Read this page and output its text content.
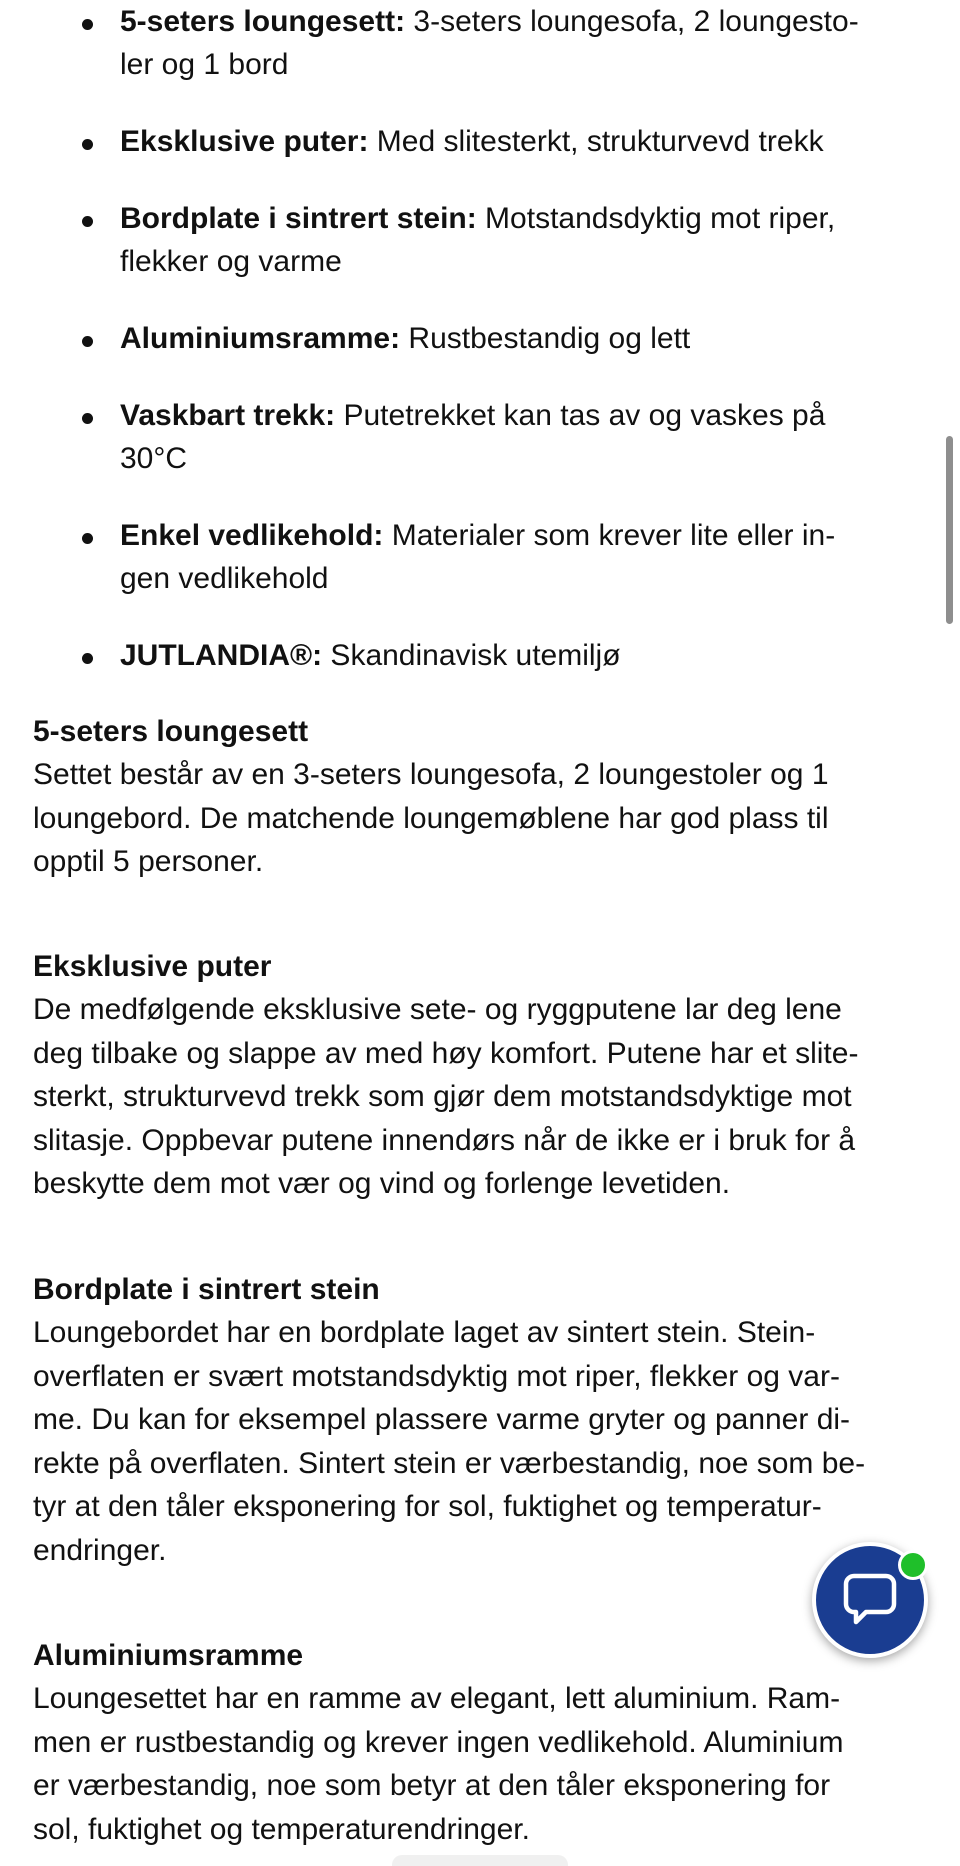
5-seters loungesett: 3-seters loungesofa, 2 loungesto-
ler og 1 bord
Eksklusive puter: Med slitesterkt, strukturvevd trekk
Bordplate i sintrert stein: Motstandsdyktig mot riper,
flekker og varme
Aluminiumsramme: Rustbestandig og lett
Vaskbart trekk: Putetrekket kan tas av og vaskes på
30°C
Enkel vedlikehold: Materialer som krever lite eller in-
gen vedlikehold
JUTLANDIA®: Skandinavisk utemiljø
5-seters loungesett
Settet består av en 3-seters loungesofa, 2 loungestoler og 1
loungebord. De matchende loungemøblene har god plass til
opptil 5 personer.
Eksklusive puter
De medfølgende eksklusive sete- og ryggputene lar deg lene
deg tilbake og slappe av med høy komfort. Putene har et slite-
sterkt, strukturvevd trekk som gjør dem motstandsdyktige mot
slitasje. Oppbevar putene innendørs når de ikke er i bruk for å
beskytte dem mot vær og vind og forlenge levetiden.
Bordplate i sintrert stein
Loungebordet har en bordplate laget av sintert stein. Stein-
overflaten er svært motstandsdyktig mot riper, flekker og var-
me. Du kan for eksempel plassere varme gryter og panner di-
rekte på overflaten. Sintert stein er værbestandig, noe som be-
tyr at den tåler eksponering for sol, fuktighet og temperatur-
endringer.
Aluminiumsramme
Loungesettet har en ramme av elegant, lett aluminium. Ram-
men er rustbestandig og krever ingen vedlikehold. Aluminium
er værbestandig, noe som betyr at den tåler eksponering for
sol, fuktighet og temperaturendringer.
